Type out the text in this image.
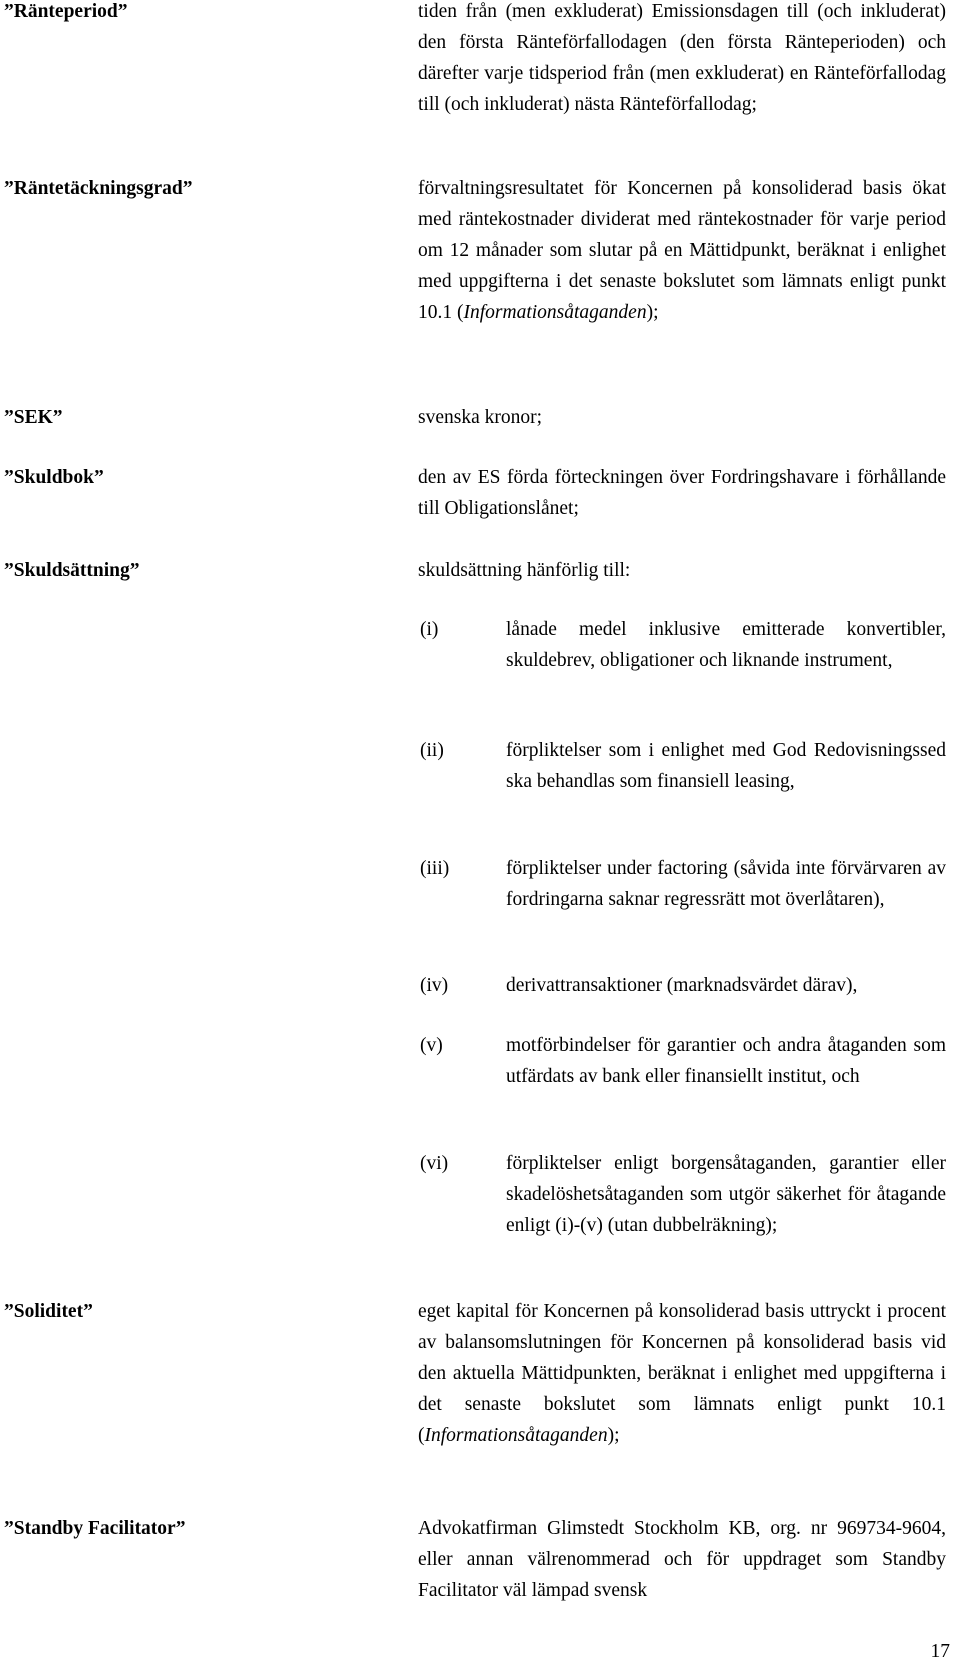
”Ränteperiod”	tiden från (men exkluderat) Emissionsdagen till (och inkluderat) den första Ränteförfallodagen (den första Ränteperioden) och därefter varje tidsperiod från (men exkluderat) en Ränteförfallodag till (och inkluderat) nästa Ränteförfallodag;
”Räntetäckningsgrad”	förvaltningsresultatet för Koncernen på konsoliderad basis ökat med räntekostnader dividerat med räntekostnader för varje period om 12 månader som slutar på en Mättidpunkt, beräknat i enlighet med uppgifterna i det senaste bokslutet som lämnats enligt punkt 10.1 (Informationsåtaganden);
”SEK”	svenska kronor;
”Skuldbok”	den av ES förda förteckningen över Fordringshavare i förhållande till Obligationslånet;
”Skuldsättning”	skuldsättning hänförlig till:
(i)	lånade medel inklusive emitterade konvertibler, skuldebrev, obligationer och liknande instrument,
(ii)	förpliktelser som i enlighet med God Redovisningssed ska behandlas som finansiell leasing,
(iii)	förpliktelser under factoring (såvida inte förvärvaren av fordringarna saknar regressrätt mot överlåtaren),
(iv)	derivattransaktioner (marknadsvärdet därav),
(v)	motförbindelser för garantier och andra åtaganden som utfärdats av bank eller finansiellt institut, och
(vi)	förpliktelser enligt borgensåtaganden, garantier eller skadelöshetsåtaganden som utgör säkerhet för åtagande enligt (i)-(v) (utan dubbelräkning);
”Soliditet”	eget kapital för Koncernen på konsoliderad basis uttryckt i procent av balansomslutningen för Koncernen på konsoliderad basis vid den aktuella Mättidpunkten, beräknat i enlighet med uppgifterna i det senaste bokslutet som lämnats enligt punkt 10.1 (Informationsåtaganden);
”Standby Facilitator”	Advokatfirman Glimstedt Stockholm KB, org. nr 969734-9604, eller annan välrenommerad och för uppdraget som Standby Facilitator väl lämpad svensk
17
